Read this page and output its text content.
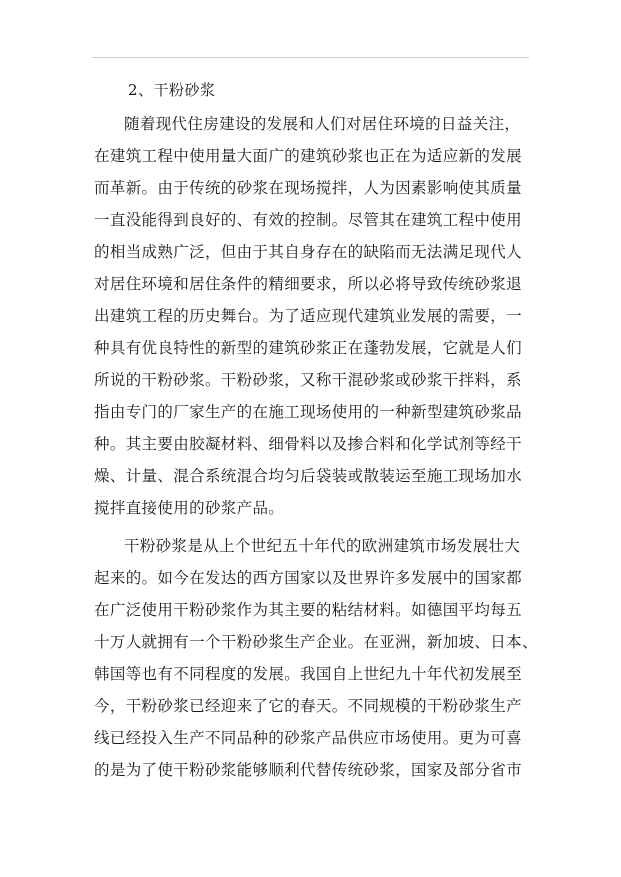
2、干粉砂浆
随着现代住房建设的发展和人们对居住环境的日益关注，
在建筑工程中使用量大面广的建筑砂浆也正在为适应新的发展
而革新。由于传统的砂浆在现场搅拌，人为因素影响使其质量
一直没能得到良好的、有效的控制。尽管其在建筑工程中使用
的相当成熟广泛，但由于其自身存在的缺陷而无法满足现代人
对居住环境和居住条件的精细要求，所以必将导致传统砂浆退
出建筑工程的历史舞台。为了适应现代建筑业发展的需要，一
种具有优良特性的新型的建筑砂浆正在蓬勃发展，它就是人们
所说的干粉砂浆。干粉砂浆，又称干混砂浆或砂浆干拌料，系
指由专门的厂家生产的在施工现场使用的一种新型建筑砂浆品
种。其主要由胶凝材料、细骨料以及掺合料和化学试剂等经干
燥、计量、混合系统混合均匀后袋装或散装运至施工现场加水
搅拌直接使用的砂浆产品。
干粉砂浆是从上个世纪五十年代的欧洲建筑市场发展壮大
起来的。如今在发达的西方国家以及世界许多发展中的国家都
在广泛使用干粉砂浆作为其主要的粘结材料。如德国平均每五
十万人就拥有一个干粉砂浆生产企业。在亚洲，新加坡、日本、
韩国等也有不同程度的发展。我国自上世纪九十年代初发展至
今，干粉砂浆已经迎来了它的春天。不同规模的干粉砂浆生产
线已经投入生产不同品种的砂浆产品供应市场使用。更为可喜
的是为了使干粉砂浆能够顺利代替传统砂浆，国家及部分省市
